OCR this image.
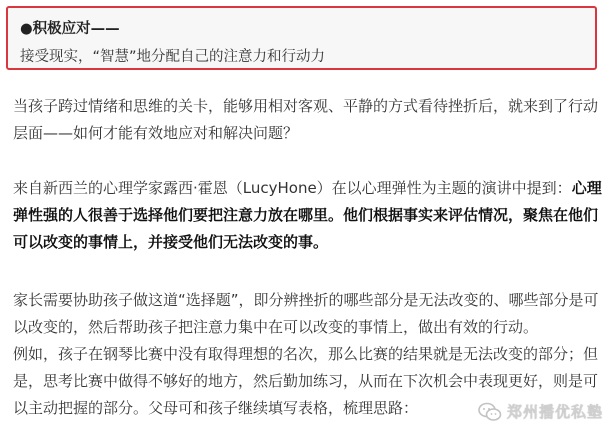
●积极应对——
接受现实，“智慧”地分配自己的注意力和行动力

当孩子跨过情绪和思维的关卡，能够用相对客观、平静的方式看待挫折后，就来到了行动层面——如何才能有效地应对和解决问题？

来自新西兰的心理学家露西·霍恩（LucyHone）在以心理弹性为主题的演讲中提到：心理弹性强的人很善于选择他们要把注意力放在哪里。他们根据事实来评估情况，聚焦在他们可以改变的事情上，并接受他们无法改变的事。

家长需要协助孩子做这道“选择题”，即分辨挫折的哪些部分是无法改变的、哪些部分是可以改变的，然后帮助孩子把注意力集中在可以改变的事情上，做出有效的行动。
例如，孩子在钢琴比赛中没有取得理想的名次，那么比赛的结果就是无法改变的部分；但是，思考比赛中做得不够好的地方，然后勤加练习，从而在下次机会中表现更好，则是可以主动把握的部分。父母可和孩子继续填写表格，梳理思路：	郑州播优私塾
